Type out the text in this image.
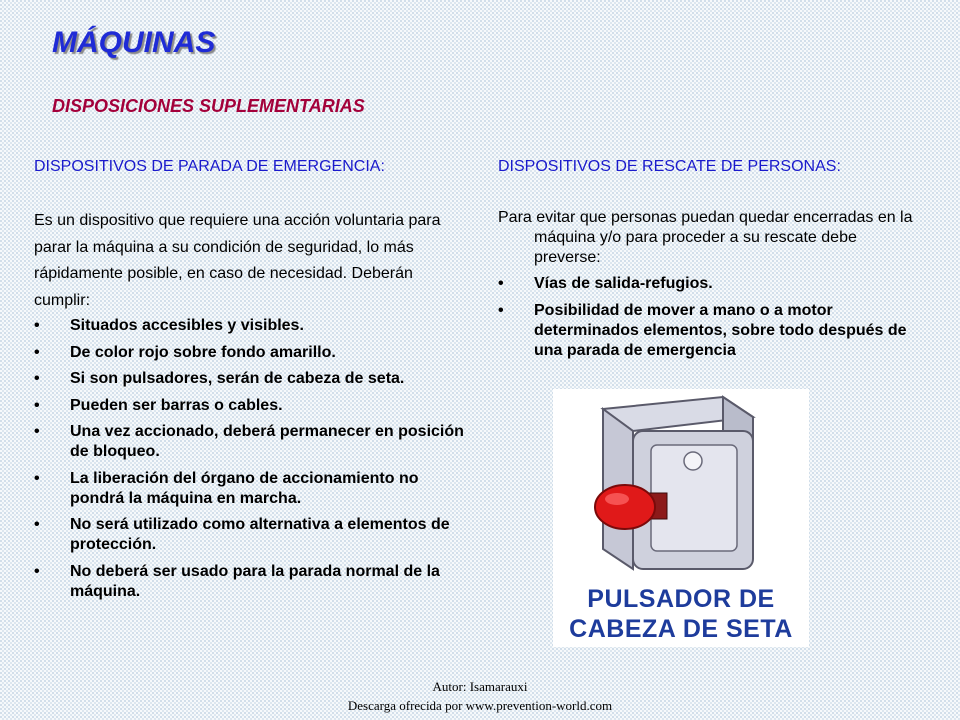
MÁQUINAS
DISPOSICIONES SUPLEMENTARIAS
DISPOSITIVOS DE PARADA DE EMERGENCIA:

Es un dispositivo que requiere una acción voluntaria para parar la máquina a su condición de seguridad, lo más rápidamente posible, en caso de necesidad. Deberán cumplir:

•	Situados accesibles y visibles.
•	De color rojo sobre fondo amarillo.
•	Si son pulsadores, serán de cabeza de seta.
•	Pueden ser barras o cables.
•	Una vez accionado, deberá permanecer en posición de bloqueo.
•	La liberación del órgano de accionamiento no pondrá la máquina en marcha.
•	No será utilizado como alternativa a elementos de protección.
•	No deberá ser usado para la parada normal de la máquina.
DISPOSITIVOS DE RESCATE DE PERSONAS:

Para evitar que personas puedan quedar encerradas en la máquina y/o para proceder a su rescate debe preverse:

•	Vías de salida-refugios.
•	Posibilidad de mover a mano o a motor determinados elementos, sobre todo después de una parada de emergencia
PULSADOR DE
CABEZA DE SETA
Autor: Isamarauxi
Descarga ofrecida por www.prevention-world.com
